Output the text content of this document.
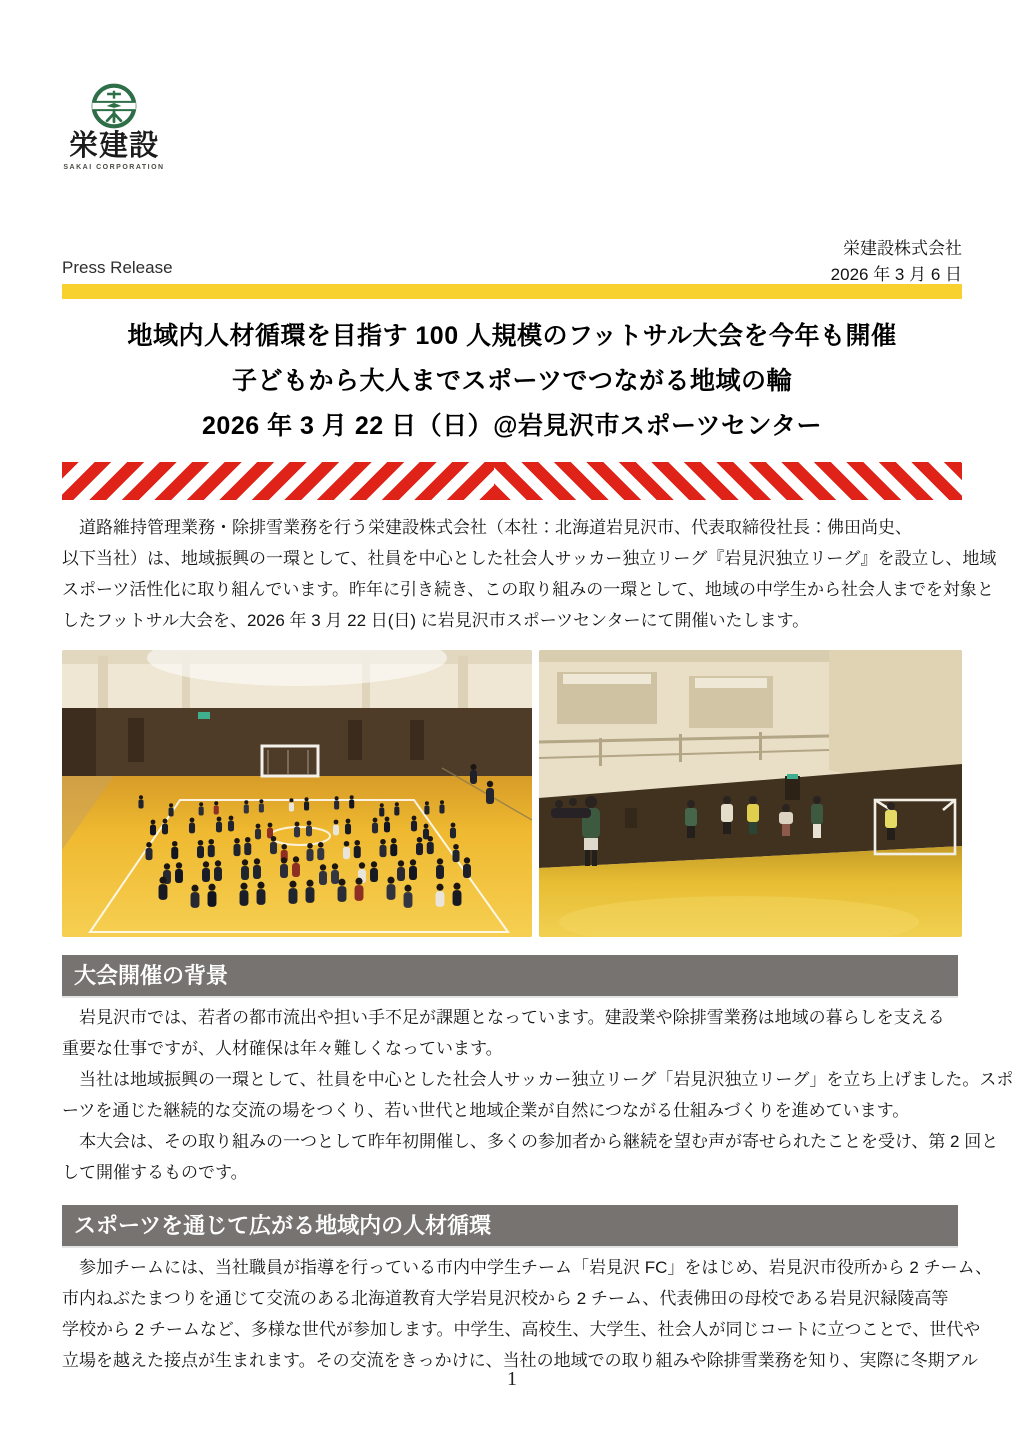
栄建設
SAKAI CORPORATION
Press Release
栄建設株式会社
2026 年 3 月 6 日
地域内人材循環を目指す 100 人規模のフットサル大会を今年も開催
子どもから大人までスポーツでつながる地域の輪
2026 年 3 月 22 日（日）@岩見沢市スポーツセンター
　道路維持管理業務・除排雪業務を行う栄建設株式会社（本社：北海道岩見沢市、代表取締役社長：佛田尚史、
以下当社）は、地域振興の一環として、社員を中心とした社会人サッカー独立リーグ『岩見沢独立リーグ』を設立し、地域
スポーツ活性化に取り組んでいます。昨年に引き続き、この取り組みの一環として、地域の中学生から社会人までを対象と
したフットサル大会を、2026 年 3 月 22 日(日) に岩見沢市スポーツセンターにて開催いたします。
大会開催の背景
　岩見沢市では、若者の都市流出や担い手不足が課題となっています。建設業や除排雪業務は地域の暮らしを支える
重要な仕事ですが、人材確保は年々難しくなっています。
　当社は地域振興の一環として、社員を中心とした社会人サッカー独立リーグ「岩見沢独立リーグ」を立ち上げました。スポ
ーツを通じた継続的な交流の場をつくり、若い世代と地域企業が自然につながる仕組みづくりを進めています。
　本大会は、その取り組みの一つとして昨年初開催し、多くの参加者から継続を望む声が寄せられたことを受け、第 2 回と
して開催するものです。
スポーツを通じて広がる地域内の人材循環
　参加チームには、当社職員が指導を行っている市内中学生チーム「岩見沢 FC」をはじめ、岩見沢市役所から 2 チーム、
市内ねぶたまつりを通じて交流のある北海道教育大学岩見沢校から 2 チーム、代表佛田の母校である岩見沢緑陵高等
学校から 2 チームなど、多様な世代が参加します。中学生、高校生、大学生、社会人が同じコートに立つことで、世代や
立場を越えた接点が生まれます。その交流をきっかけに、当社の地域での取り組みや除排雪業務を知り、実際に冬期アル
1
